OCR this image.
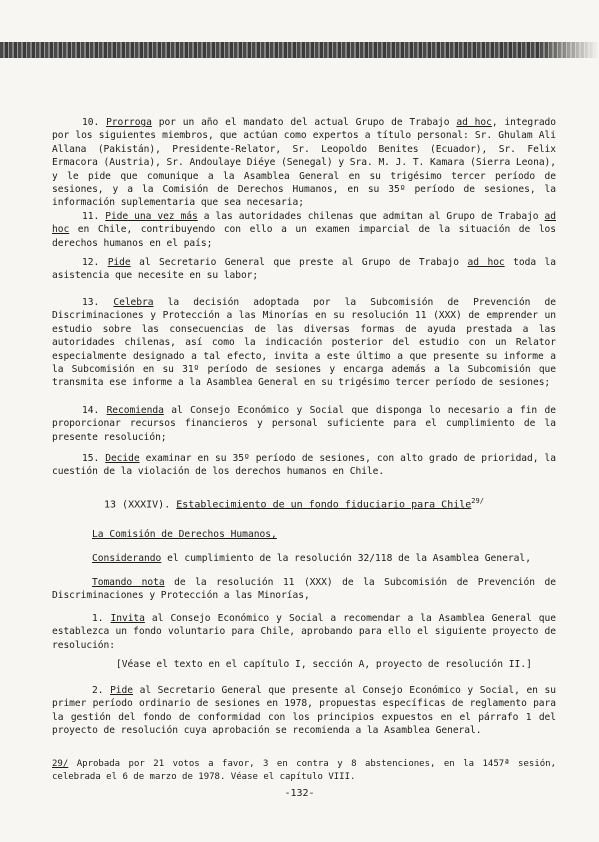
10. Prorroga por un año el mandato del actual Grupo de Trabajo ad hoc, integrado por los siguientes miembros, que actúan como expertos a título personal: Sr. Ghulam Ali Allana (Pakistán), Presidente-Relator, Sr. Leopoldo Benites (Ecuador), Sr. Felix Ermacora (Austria), Sr. Andoulaye Diéye (Senegal) y Sra. M. J. T. Kamara (Sierra Leona), y le pide que comunique a la Asamblea General en su trigésimo tercer período de sesiones, y a la Comisión de Derechos Humanos, en su 35º período de sesiones, la información suplementaria que sea necesaria;
11. Pide una vez más a las autoridades chilenas que admitan al Grupo de Trabajo ad hoc en Chile, contribuyendo con ello a un examen imparcial de la situación de los derechos humanos en el país;
12. Pide al Secretario General que preste al Grupo de Trabajo ad hoc toda la asistencia que necesite en su labor;
13. Celebra la decisión adoptada por la Subcomisión de Prevención de Discriminaciones y Protección a las Minorías en su resolución 11 (XXX) de emprender un estudio sobre las consecuencias de las diversas formas de ayuda prestada a las autoridades chilenas, así como la indicación posterior del estudio con un Relator especialmente designado a tal efecto, invita a este último a que presente su informe a la Subcomisión en su 31º período de sesiones y encarga además a la Subcomisión que transmita ese informe a la Asamblea General en su trigésimo tercer período de sesiones;
14. Recomienda al Consejo Económico y Social que disponga lo necesario a fin de proporcionar recursos financieros y personal suficiente para el cumplimiento de la presente resolución;
15. Decide examinar en su 35º período de sesiones, con alto grado de prioridad, la cuestión de la violación de los derechos humanos en Chile.
13 (XXXIV). Establecimiento de un fondo fiduciario para Chile$^{29/}$
La Comisión de Derechos Humanos,
Considerando el cumplimiento de la resolución 32/118 de la Asamblea General,
Tomando nota de la resolución 11 (XXX) de la Subcomisión de Prevención de Discriminaciones y Protección a las Minorías,
1. Invita al Consejo Económico y Social a recomendar a la Asamblea General que establezca un fondo voluntario para Chile, aprobando para ello el siguiente proyecto de resolución:
[Véase el texto en el capítulo I, sección A, proyecto de resolución II.]
2. Pide al Secretario General que presente al Consejo Económico y Social, en su primer período ordinario de sesiones en 1978, propuestas específicas de reglamento para la gestión del fondo de conformidad con los principios expuestos en el párrafo 1 del proyecto de resolución cuya aprobación se recomienda a la Asamblea General.
29/ Aprobada por 21 votos a favor, 3 en contra y 8 abstenciones, en la 1457ª sesión, celebrada el 6 de marzo de 1978. Véase el capítulo VIII.
-132-
